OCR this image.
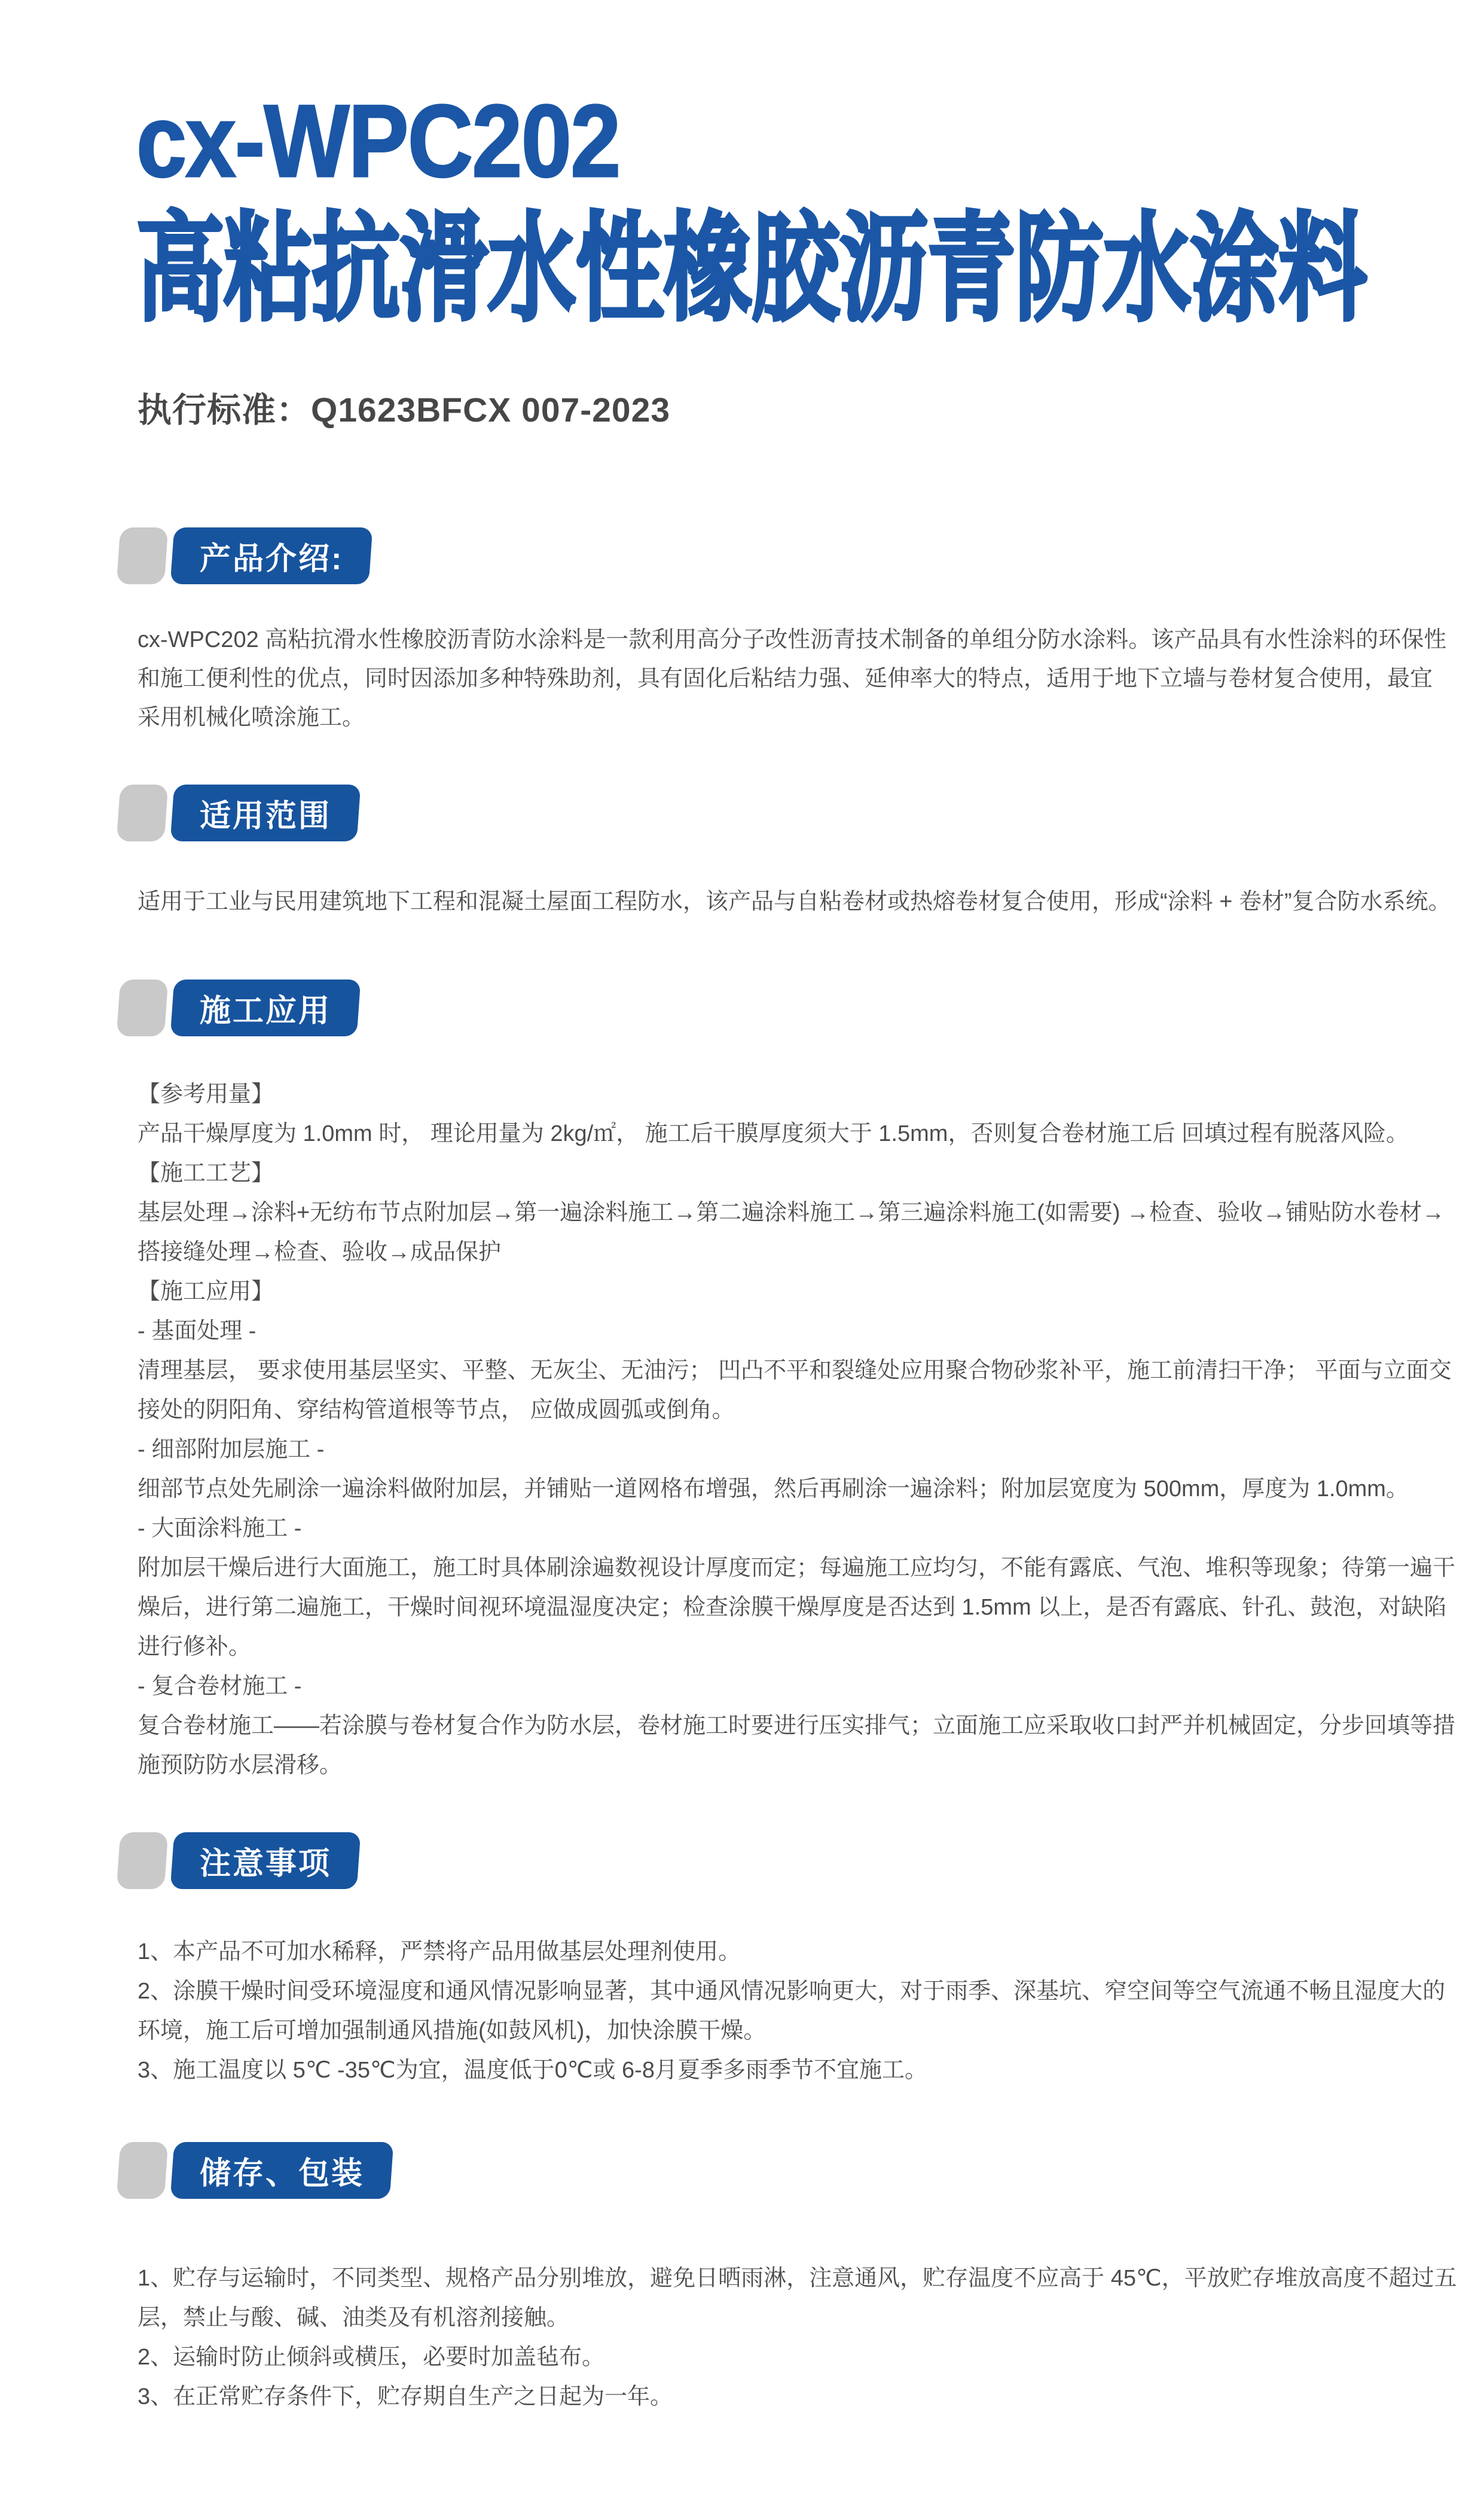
cx-WPC202
高粘抗滑水性橡胶沥青防水涂料
执行标准：Q1623BFCX 007-2023
产品介绍:
cx-WPC202 高粘抗滑水性橡胶沥青防水涂料是一款利用高分子改性沥青技术制备的单组分防水涂料。该产品具有水性涂料的环保性
和施工便利性的优点，同时因添加多种特殊助剂，具有固化后粘结力强、延伸率大的特点，适用于地下立墙与卷材复合使用，最宜
采用机械化喷涂施工。
适用范围
适用于工业与民用建筑地下工程和混凝土屋面工程防水，该产品与自粘卷材或热熔卷材复合使用，形成“涂料 + 卷材”复合防水系统。
施工应用
【参考用量】
产品干燥厚度为 1.0mm 时， 理论用量为 2kg/㎡， 施工后干膜厚度须大于 1.5mm，否则复合卷材施工后 回填过程有脱落风险。
【施工工艺】
基层处理→涂料+无纺布节点附加层→第一遍涂料施工→第二遍涂料施工→第三遍涂料施工(如需要) →检查、验收→铺贴防水卷材→
搭接缝处理→检查、验收→成品保护
【施工应用】
- 基面处理 -
清理基层， 要求使用基层坚实、平整、无灰尘、无油污； 凹凸不平和裂缝处应用聚合物砂浆补平，施工前清扫干净； 平面与立面交
接处的阴阳角、穿结构管道根等节点， 应做成圆弧或倒角。
- 细部附加层施工 -
细部节点处先刷涂一遍涂料做附加层，并铺贴一道网格布增强，然后再刷涂一遍涂料；附加层宽度为 500mm，厚度为 1.0mm。
- 大面涂料施工 -
附加层干燥后进行大面施工，施工时具体刷涂遍数视设计厚度而定；每遍施工应均匀，不能有露底、气泡、堆积等现象；待第一遍干
燥后，进行第二遍施工，干燥时间视环境温湿度决定；检查涂膜干燥厚度是否达到 1.5mm 以上，是否有露底、针孔、鼓泡，对缺陷
进行修补。
- 复合卷材施工 -
复合卷材施工——若涂膜与卷材复合作为防水层，卷材施工时要进行压实排气；立面施工应采取收口封严并机械固定，分步回填等措
施预防防水层滑移。
注意事项
1、本产品不可加水稀释，严禁将产品用做基层处理剂使用。
2、涂膜干燥时间受环境湿度和通风情况影响显著，其中通风情况影响更大，对于雨季、深基坑、窄空间等空气流通不畅且湿度大的
环境，施工后可增加强制通风措施(如鼓风机)，加快涂膜干燥。
3、施工温度以 5℃ -35℃为宜，温度低于0℃或 6-8月夏季多雨季节不宜施工。
储存、包装
1、贮存与运输时，不同类型、规格产品分别堆放，避免日晒雨淋，注意通风，贮存温度不应高于 45℃，平放贮存堆放高度不超过五
层，禁止与酸、碱、油类及有机溶剂接触。
2、运输时防止倾斜或横压，必要时加盖毡布。
3、在正常贮存条件下，贮存期自生产之日起为一年。
